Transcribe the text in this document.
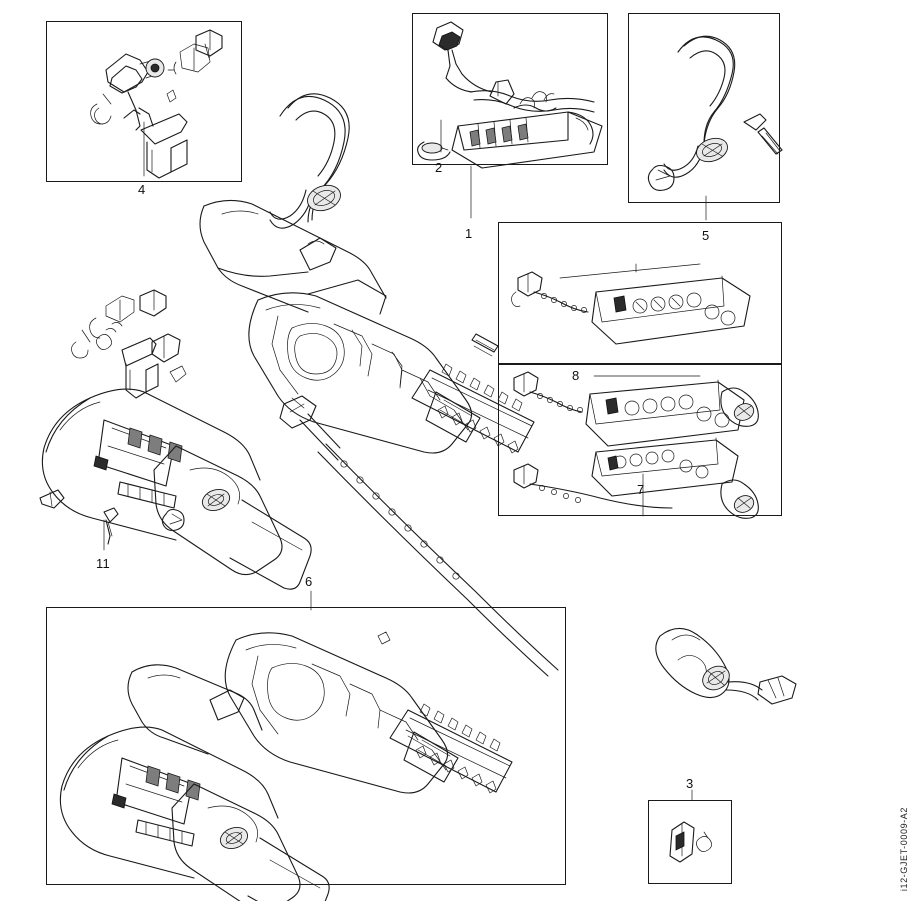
4
2
1	5
8
7
11
6
3
i12-GJET-0009-A2
